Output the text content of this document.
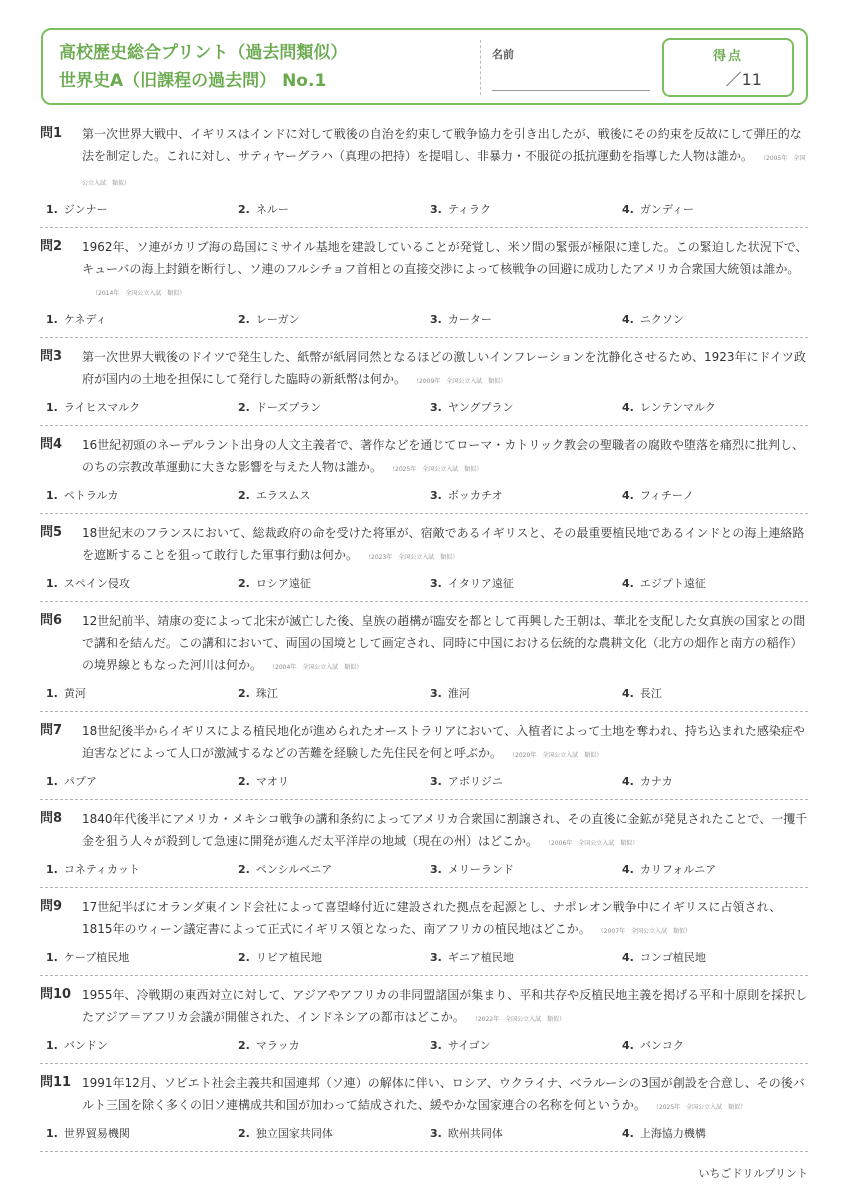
高校歴史総合プリント（過去問類似）
世界史A（旧課程の過去問） No.1
名前	得点
／11
問1	第一次世界大戦中、イギリスはインドに対して戦後の自治を約束して戦争協力を引き出したが、戦後にその約束を反故にして弾圧的な法を制定した。これに対し、サティヤーグラハ（真理の把持）を提唱し、非暴力・不服従の抵抗運動を指導した人物は誰か。 （2005年　全国公立入試　類似）
1. ジンナー	2. ネルー	3. ティラク	4. ガンディー
問2	1962年、ソ連がカリブ海の島国にミサイル基地を建設していることが発覚し、米ソ間の緊張が極限に達した。この緊迫した状況下で、キューバの海上封鎖を断行し、ソ連のフルシチョフ首相との直接交渉によって核戦争の回避に成功したアメリカ合衆国大統領は誰か。（2014年　全国公立入試　類似）
1. ケネディ	2. レーガン	3. カーター	4. ニクソン
問3	第一次世界大戦後のドイツで発生した、紙幣が紙屑同然となるほどの激しいインフレーションを沈静化させるため、1923年にドイツ政府が国内の土地を担保にして発行した臨時の新紙幣は何か。 （2009年　全国公立入試　類似）
1. ライヒスマルク	2. ドーズプラン	3. ヤングプラン	4. レンテンマルク
問4	16世紀初頭のネーデルラント出身の人文主義者で、著作などを通じてローマ・カトリック教会の聖職者の腐敗や堕落を痛烈に批判し、のちの宗教改革運動に大きな影響を与えた人物は誰か。 （2025年　全国公立入試　類似）
1. ペトラルカ	2. エラスムス	3. ボッカチオ	4. フィチーノ
問5	18世紀末のフランスにおいて、総裁政府の命を受けた将軍が、宿敵であるイギリスと、その最重要植民地であるインドとの海上連絡路を遮断することを狙って敢行した軍事行動は何か。 （2023年　全国公立入試　類似）
1. スペイン侵攻	2. ロシア遠征	3. イタリア遠征	4. エジプト遠征
問6	12世紀前半、靖康の変によって北宋が滅亡した後、皇族の趙構が臨安を都として再興した王朝は、華北を支配した女真族の国家との間で講和を結んだ。この講和において、両国の国境として画定され、同時に中国における伝統的な農耕文化（北方の畑作と南方の稲作）の境界線ともなった河川は何か。 （2004年　全国公立入試　類似）
1. 黄河	2. 珠江	3. 淮河	4. 長江
問7	18世紀後半からイギリスによる植民地化が進められたオーストラリアにおいて、入植者によって土地を奪われ、持ち込まれた感染症や迫害などによって人口が激減するなどの苦難を経験した先住民を何と呼ぶか。 （2020年　全国公立入試　類似）
1. パプア	2. マオリ	3. アボリジニ	4. カナカ
問8	1840年代後半にアメリカ・メキシコ戦争の講和条約によってアメリカ合衆国に割譲され、その直後に金鉱が発見されたことで、一攫千金を狙う人々が殺到して急速に開発が進んだ太平洋岸の地域（現在の州）はどこか。 （2006年　全国公立入試　類似）
1. コネティカット	2. ペンシルベニア	3. メリーランド	4. カリフォルニア
問9	17世紀半ばにオランダ東インド会社によって喜望峰付近に建設された拠点を起源とし、ナポレオン戦争中にイギリスに占領され、1815年のウィーン議定書によって正式にイギリス領となった、南アフリカの植民地はどこか。 （2007年　全国公立入試　類似）
1. ケープ植民地	2. リビア植民地	3. ギニア植民地	4. コンゴ植民地
問10 1955年、冷戦期の東西対立に対して、アジアやアフリカの非同盟諸国が集まり、平和共存や反植民地主義を掲げる平和十原則を採択したアジア＝アフリカ会議が開催された、インドネシアの都市はどこか。 （2022年　全国公立入試　類似）
1. バンドン	2. マラッカ	3. サイゴン	4. バンコク
問11 1991年12月、ソビエト社会主義共和国連邦（ソ連）の解体に伴い、ロシア、ウクライナ、ベラルーシの3国が創設を合意し、その後バルト三国を除く多くの旧ソ連構成共和国が加わって結成された、緩やかな国家連合の名称を何というか。 （2025年　全国公立入試　類似）
1. 世界貿易機関	2. 独立国家共同体	3. 欧州共同体	4. 上海協力機構
いちごドリルプリント
